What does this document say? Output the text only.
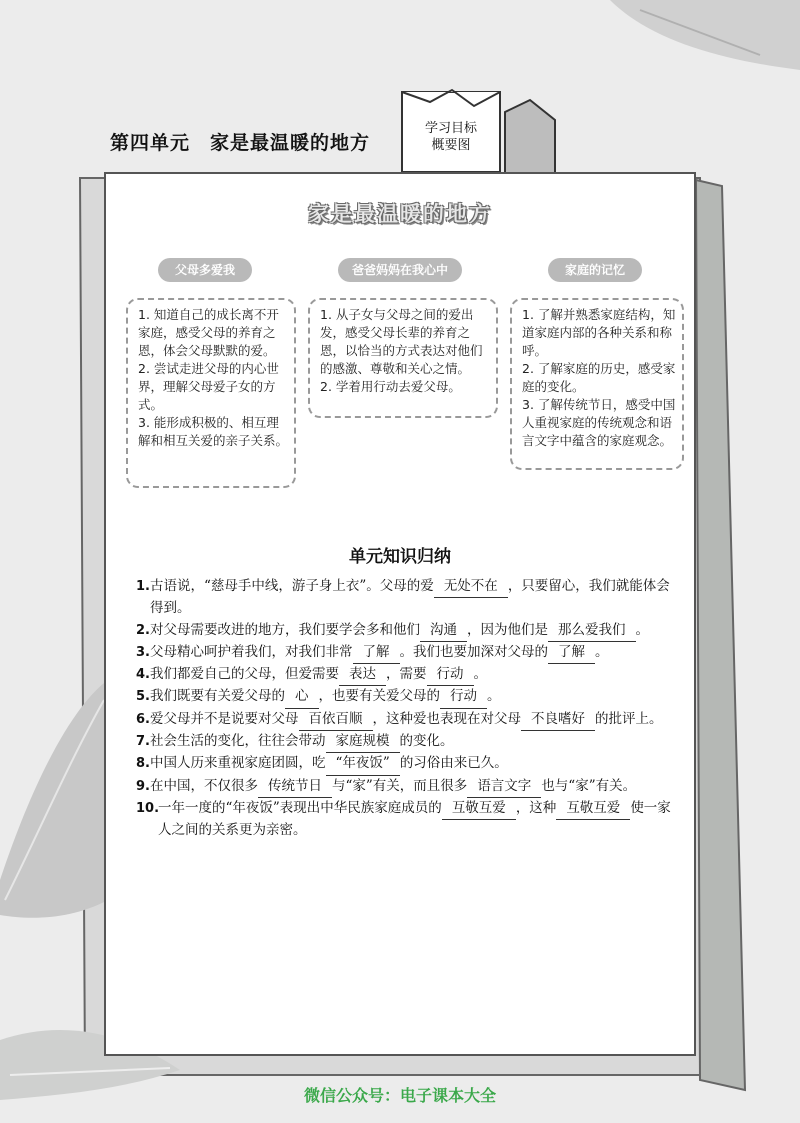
第四单元　家是最温暖的地方
学习目标
概要图
家是最温暖的地方
父母多爱我	爸爸妈妈在我心中	家庭的记忆

1. 知道自己的成长离不开家庭，感受父母的养育之恩，体会父母默默的爱。

2. 尝试走进父母的内心世界，理解父母爱子女的方式。

3. 能形成积极的、相互理解和相互关爱的亲子关系。

1. 从子女与父母之间的爱出发，感受父母长辈的养育之恩，以恰当的方式表达对他们的感激、尊敬和关心之情。

2. 学着用行动去爱父母。

1. 了解并熟悉家庭结构，知道家庭内部的各种关系和称呼。

2. 了解家庭的历史，感受家庭的变化。

3. 了解传统节日，感受中国人重视家庭的传统观念和语言文字中蕴含的家庭观念。

单元知识归纳
1. 古语说，“慈母手中线，游子身上衣”。父母的爱 无处不在 ，只要留心，我们就能体会得到。
2. 对父母需要改进的地方，我们要学会多和他们 沟通 ，因为他们是 那么爱我们 。
3. 父母精心呵护着我们，对我们非常 了解 。我们也要加深对父母的 了解 。
4. 我们都爱自己的父母，但爱需要 表达 ，需要 行动 。
5. 我们既要有关爱父母的 心 ，也要有关爱父母的 行动 。
6. 爱父母并不是说要对父母 百依百顺 ，这种爱也表现在对父母 不良嗜好 的批评上。
7. 社会生活的变化，往往会带动 家庭规模 的变化。
8. 中国人历来重视家庭团圆，吃 “年夜饭” 的习俗由来已久。
9. 在中国，不仅很多 传统节日 与“家”有关，而且很多 语言文字 也与“家”有关。
10.
一年一度的“年夜饭”表现出中华民族家庭成员的 互敬互爱 ，这种 互敬互爱 使一家人之间的关系更为亲密。
微信公众号：电子课本大全
